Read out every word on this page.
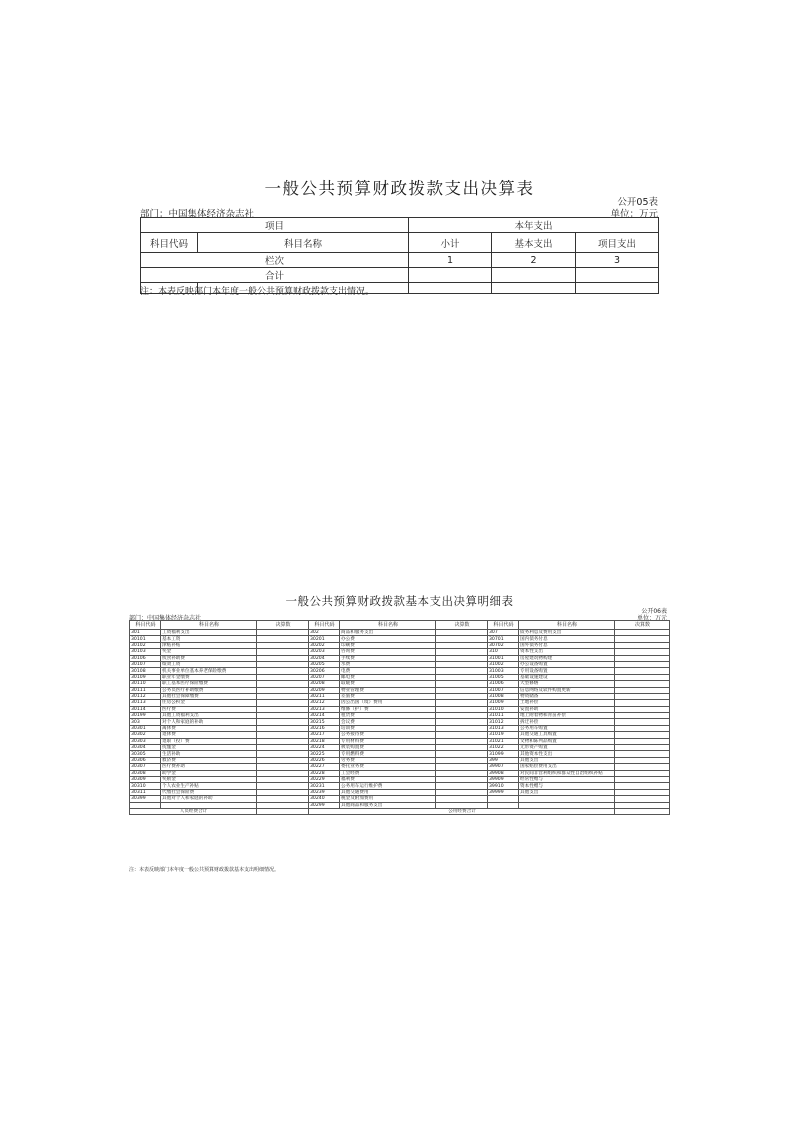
一般公共预算财政拨款支出决算表
公开05表
部门：中国集体经济杂志社	单位：万元
项目		本年支出		
科目代码	科目名称	小计	基本支出	项目支出
栏次		1	2	3
合计				

注：本表反映部门本年度一般公共预算财政拨款支出情况。
一般公共预算财政拨款基本支出决算明细表
公开06表
部门：中国集体经济杂志社	单位：万元
科目代码	科目名称	决算数	科目代码	科目名称	决算数	科目代码	科目名称	决算数
301	工资福利支出		302	商品和服务支出		307	债务利息及费用支出	
30101	基本工资		30201	办公费		30701	国内债务付息	
30102	津贴补贴		30202	印刷费		30702	国外债务付息	
30103	奖金		30203	咨询费		310	资本性支出	
30106	伙食补助费		30204	手续费		31001	房屋建筑物购建	
30107	绩效工资		30205	水费		31002	办公设备购置	
30108	机关事业单位基本养老保险缴费		30206	电费		31003	专用设备购置	
30109	职业年金缴费		30207	邮电费		31005	基础设施建设	
30110	职工基本医疗保险缴费		30208	取暖费		31006	大型修缮	
30111	公务员医疗补助缴费		30209	物业管理费		31007	信息网络及软件购置更新	
30112	其他社会保障缴费		30211	差旅费		31008	物资储备	
30113	住房公积金		30212	因公出国（境）费用		31009	土地补偿	
30114	医疗费		30213	维修（护）费		31010	安置补助	
30199	其他工资福利支出		30214	租赁费		31011	地上附着物和青苗补偿	
303	对个人和家庭的补助		30215	会议费		31012	拆迁补偿	
30301	离休费		30216	培训费		31013	公务用车购置	
30302	退休费		30217	公务接待费		31019	其他交通工具购置	
30303	退职（役）费		30218	专用材料费		31021	文物和陈列品购置	
30304	抚恤金		30224	被装购置费		31022	无形资产购置	
30305	生活补助		30225	专用燃料费		31099	其他资本性支出	
30306	救济费		30226	劳务费		399	其他支出	
30307	医疗费补助		30227	委托业务费		39907	国家赔偿费用支出	
30308	助学金		30228	工会经费		39908	对民间非营利组织和群众性自治组织补贴	
30309	奖励金		30229	福利费		39909	经常性赠与	
30310	个人农业生产补贴		30231	公务用车运行维护费		39910	资本性赠与	
30311	代缴社会保险费		30239	其他交通费用		39999	其他支出	
30399	其他对个人和家庭的补助		30240	税金及附加费用				
			30299	其他商品和服务支出				
人员经费合计			公用经费合计					
注：本表反映部门本年度一般公共预算财政拨款基本支出明细情况。
